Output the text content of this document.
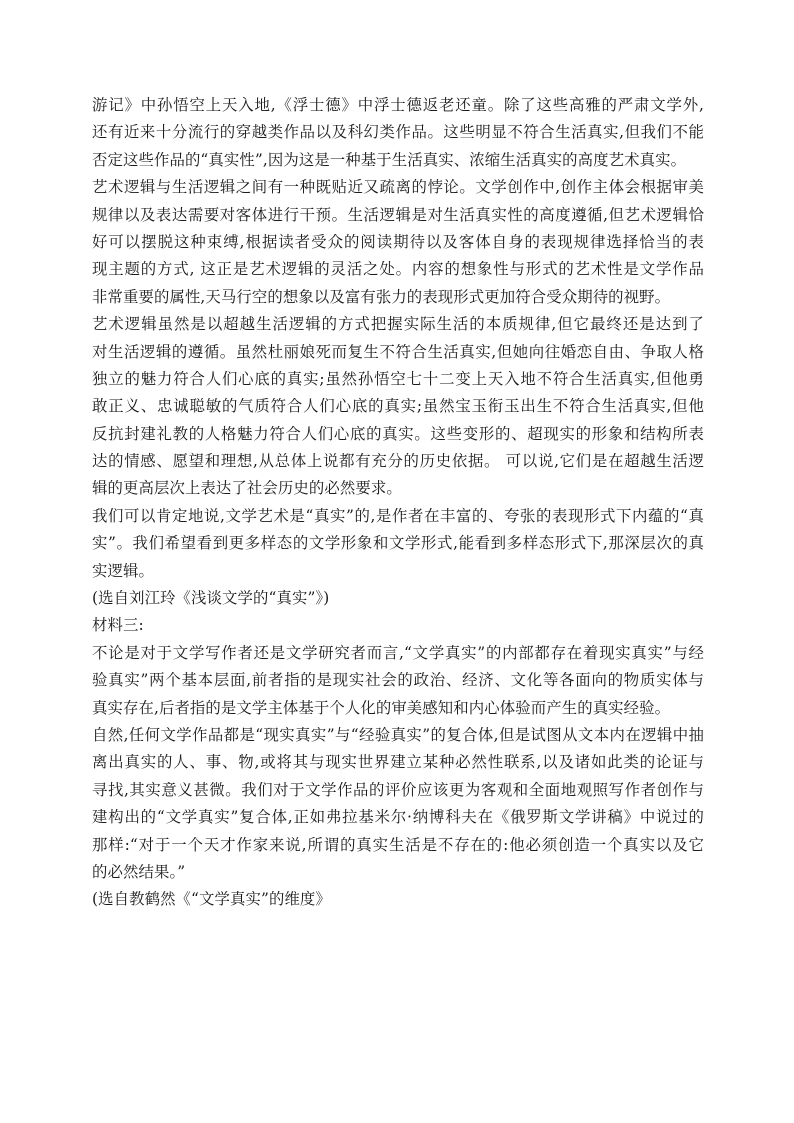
游记》中孙悟空上天入地,《浮士德》中浮士德返老还童。除了这些高雅的严肃文学外,
还有近来十分流行的穿越类作品以及科幻类作品。这些明显不符合生活真实,但我们不能
否定这些作品的“真实性”,因为这是一种基于生活真实、浓缩生活真实的高度艺术真实。
艺术逻辑与生活逻辑之间有一种既贴近又疏离的悖论。文学创作中,创作主体会根据审美
规律以及表达需要对客体进行干预。生活逻辑是对生活真实性的高度遵循,但艺术逻辑恰
好可以摆脱这种束缚,根据读者受众的阅读期待以及客体自身的表现规律选择恰当的表
现主题的方式, 这正是艺术逻辑的灵活之处。内容的想象性与形式的艺术性是文学作品
非常重要的属性,天马行空的想象以及富有张力的表现形式更加符合受众期待的视野。
艺术逻辑虽然是以超越生活逻辑的方式把握实际生活的本质规律,但它最终还是达到了
对生活逻辑的遵循。虽然杜丽娘死而复生不符合生活真实,但她向往婚恋自由、争取人格
独立的魅力符合人们心底的真实;虽然孙悟空七十二变上天入地不符合生活真实,但他勇
敢正义、忠诚聪敏的气质符合人们心底的真实;虽然宝玉衔玉出生不符合生活真实,但他
反抗封建礼教的人格魅力符合人们心底的真实。这些变形的、超现实的形象和结构所表
达的情感、愿望和理想,从总体上说都有充分的历史依据。 可以说,它们是在超越生活逻
辑的更高层次上表达了社会历史的必然要求。
我们可以肯定地说,文学艺术是“真实”的,是作者在丰富的、夸张的表现形式下内蕴的“真
实”。我们希望看到更多样态的文学形象和文学形式,能看到多样态形式下,那深层次的真
实逻辑。
(选自刘江玲《浅谈文学的“真实”》)
材料三:
不论是对于文学写作者还是文学研究者而言,“文学真实”的内部都存在着现实真实”与经
验真实”两个基本层面,前者指的是现实社会的政治、经济、文化等各面向的物质实体与
真实存在,后者指的是文学主体基于个人化的审美感知和内心体验而产生的真实经验。
自然,任何文学作品都是“现实真实”与“经验真实”的复合体,但是试图从文本内在逻辑中抽
离出真实的人、事、物,或将其与现实世界建立某种必然性联系,以及诸如此类的论证与
寻找,其实意义甚微。我们对于文学作品的评价应该更为客观和全面地观照写作者创作与
建构出的“文学真实”复合体,正如弗拉基米尔·纳博科夫在《俄罗斯文学讲稿》中说过的
那样:“对于一个天才作家来说,所谓的真实生活是不存在的:他必须创造一个真实以及它
的必然结果。”
(选自教鹤然《“文学真实”的维度》
